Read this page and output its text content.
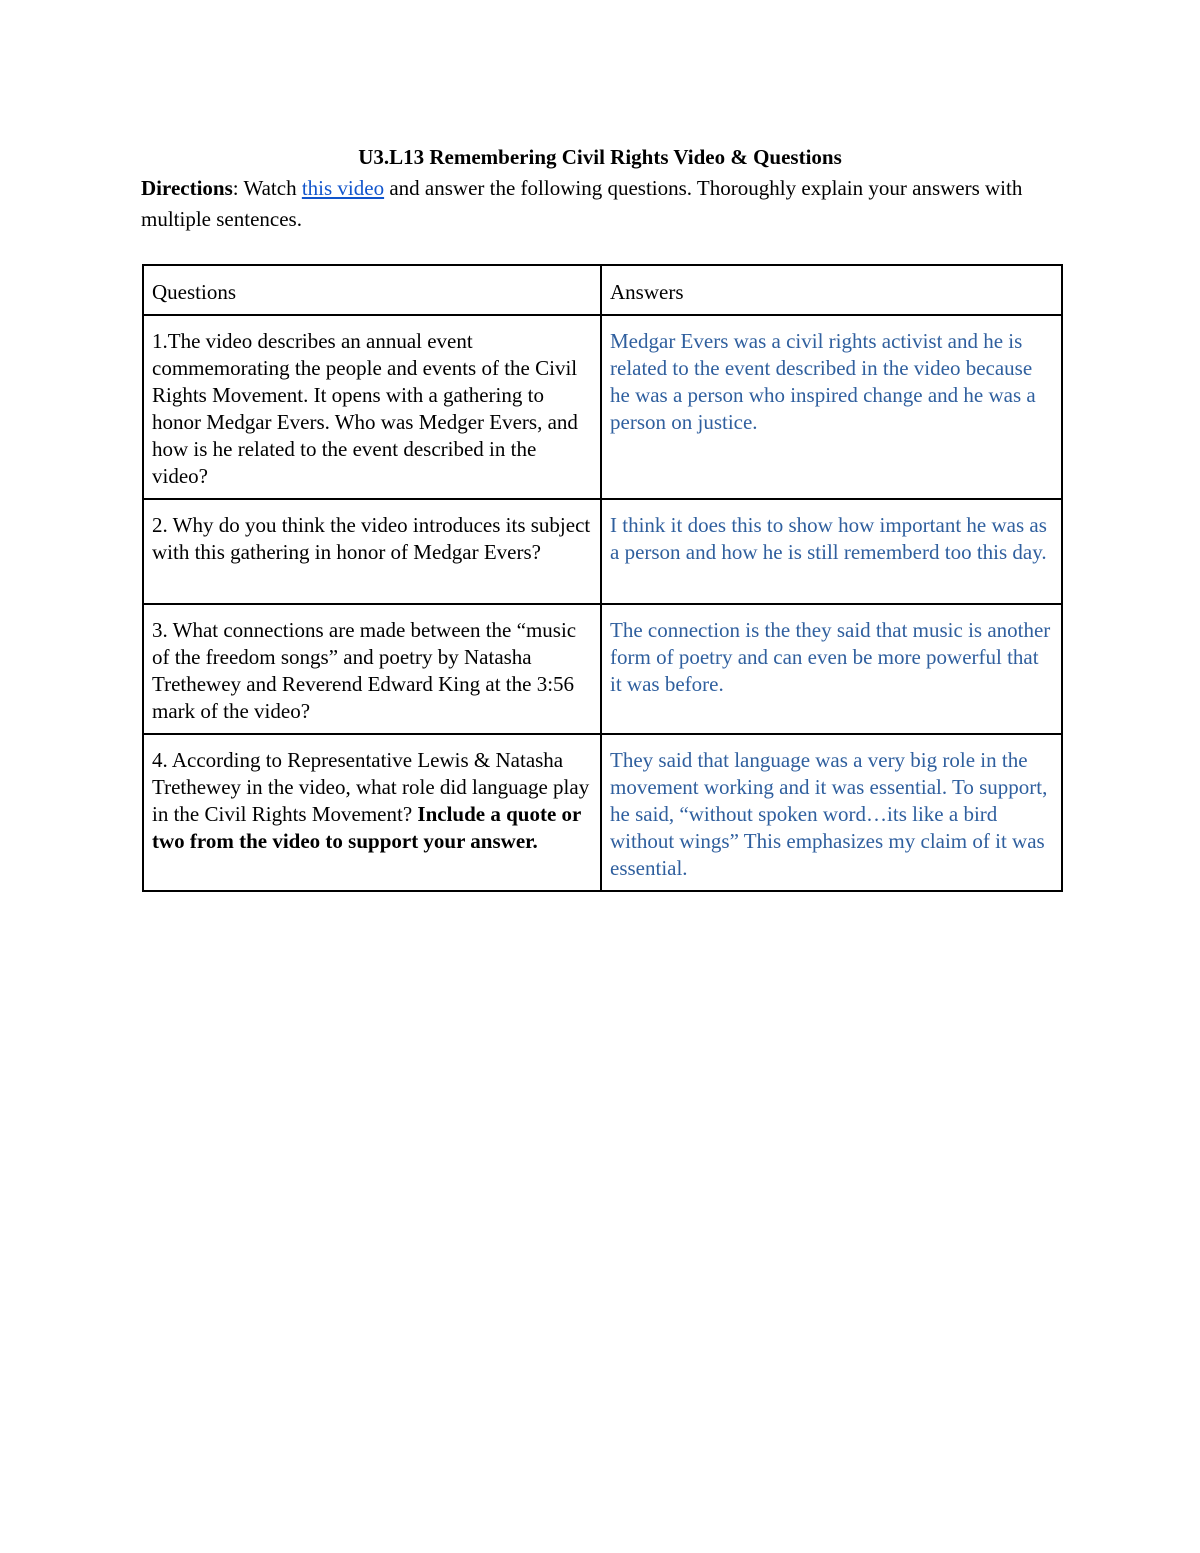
U3.L13 Remembering Civil Rights Video & Questions
Directions: Watch this video and answer the following questions. Thoroughly explain your answers with multiple sentences.
Questions	Answers
1.The video describes an annual event commemorating the people and events of the Civil Rights Movement. It opens with a gathering to honor Medgar Evers. Who was Medger Evers, and how is he related to the event described in the video?	Medgar Evers was a civil rights activist and he is related to the event described in the video because he was a person who inspired change and he was a person on justice.
2. Why do you think the video introduces its subject with this gathering in honor of Medgar Evers?	I think it does this to show how important he was as a person and how he is still rememberd too this day.
3. What connections are made between the “music of the freedom songs” and poetry by Natasha Trethewey and Reverend Edward King at the 3:56 mark of the video?	The connection is the they said that music is another form of poetry and can even be more powerful that it was before.
4. According to Representative Lewis & Natasha Trethewey in the video, what role did language play in the Civil Rights Movement? Include a quote or two from the video to support your answer.	They said that language was a very big role in the movement working and it was essential. To support, he said, “without spoken word…its like a bird without wings” This emphasizes my claim of it was essential.
